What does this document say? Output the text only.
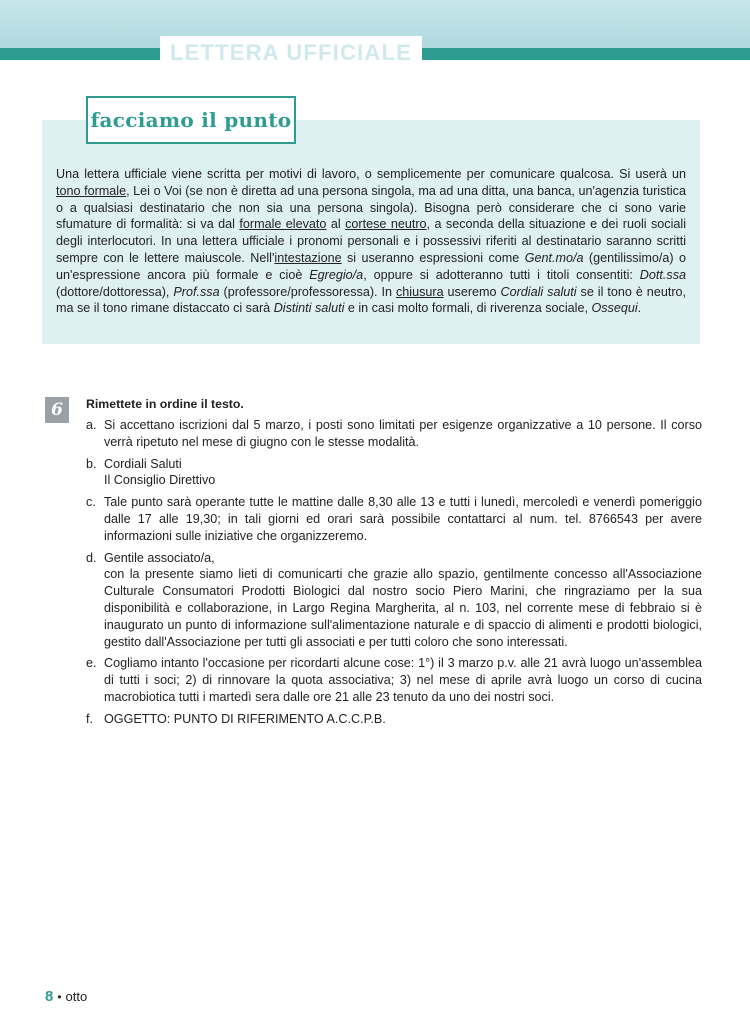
LETTERA UFFICIALE
facciamo il punto
Una lettera ufficiale viene scritta per motivi di lavoro, o semplicemente per comunicare qualcosa. Si userà un tono formale, Lei o Voi (se non è diretta ad una persona singola, ma ad una ditta, una banca, un'agenzia turistica o a qualsiasi destinatario che non sia una persona singola). Bisogna però considerare che ci sono varie sfumature di formalità: si va dal formale elevato al cortese neutro, a seconda della situazione e dei ruoli sociali degli interlocutori. In una lettera ufficiale i pronomi personali e i possessivi riferiti al destinatario saranno scritti sempre con le lettere maiuscole. Nell'intestazione si useranno espressioni come Gent.mo/a (gentilissimo/a) o un'espressione ancora più formale e cioè Egregio/a, oppure si adotteranno tutti i titoli consentiti: Dott.ssa (dottore/dottoressa), Prof.ssa (professore/professoressa). In chiusura useremo Cordiali saluti se il tono è neutro, ma se il tono rimane distaccato ci sarà Distinti saluti e in casi molto formali, di riverenza sociale, Ossequi.
6	Rimettete in ordine il testo.
a. Si accettano iscrizioni dal 5 marzo, i posti sono limitati per esigenze organizzative a 10 persone. Il corso verrà ripetuto nel mese di giugno con le stesse modalità.
b. Cordiali Saluti
Il Consiglio Direttivo
c. Tale punto sarà operante tutte le mattine dalle 8,30 alle 13 e tutti i lunedì, mercoledì e venerdì pomeriggio dalle 17 alle 19,30; in tali giorni ed orari sarà possibile contattarci al num. tel. 8766543 per avere informazioni sulle iniziative che organizzeremo.
d. Gentile associato/a,
con la presente siamo lieti di comunicarti che grazie allo spazio, gentilmente concesso all'Associazione Culturale Consumatori Prodotti Biologici dal nostro socio Piero Marini, che ringraziamo per la sua disponibilità e collaborazione, in Largo Regina Margherita, al n. 103, nel corrente mese di febbraio si è inaugurato un punto di informazione sull'alimentazione naturale e di spaccio di alimenti e prodotti biologici, gestito dall'Associazione per tutti gli associati e per tutti coloro che sono interessati.
e. Cogliamo intanto l'occasione per ricordarti alcune cose: 1°) il 3 marzo p.v. alle 21 avrà luogo un'assemblea di tutti i soci; 2) di rinnovare la quota associativa; 3) nel mese di aprile avrà luogo un corso di cucina macrobiotica tutti i martedì sera dalle ore 21 alle 23 tenuto da uno dei nostri soci.
f. OGGETTO: PUNTO DI RIFERIMENTO A.C.C.P.B.
8 • otto
